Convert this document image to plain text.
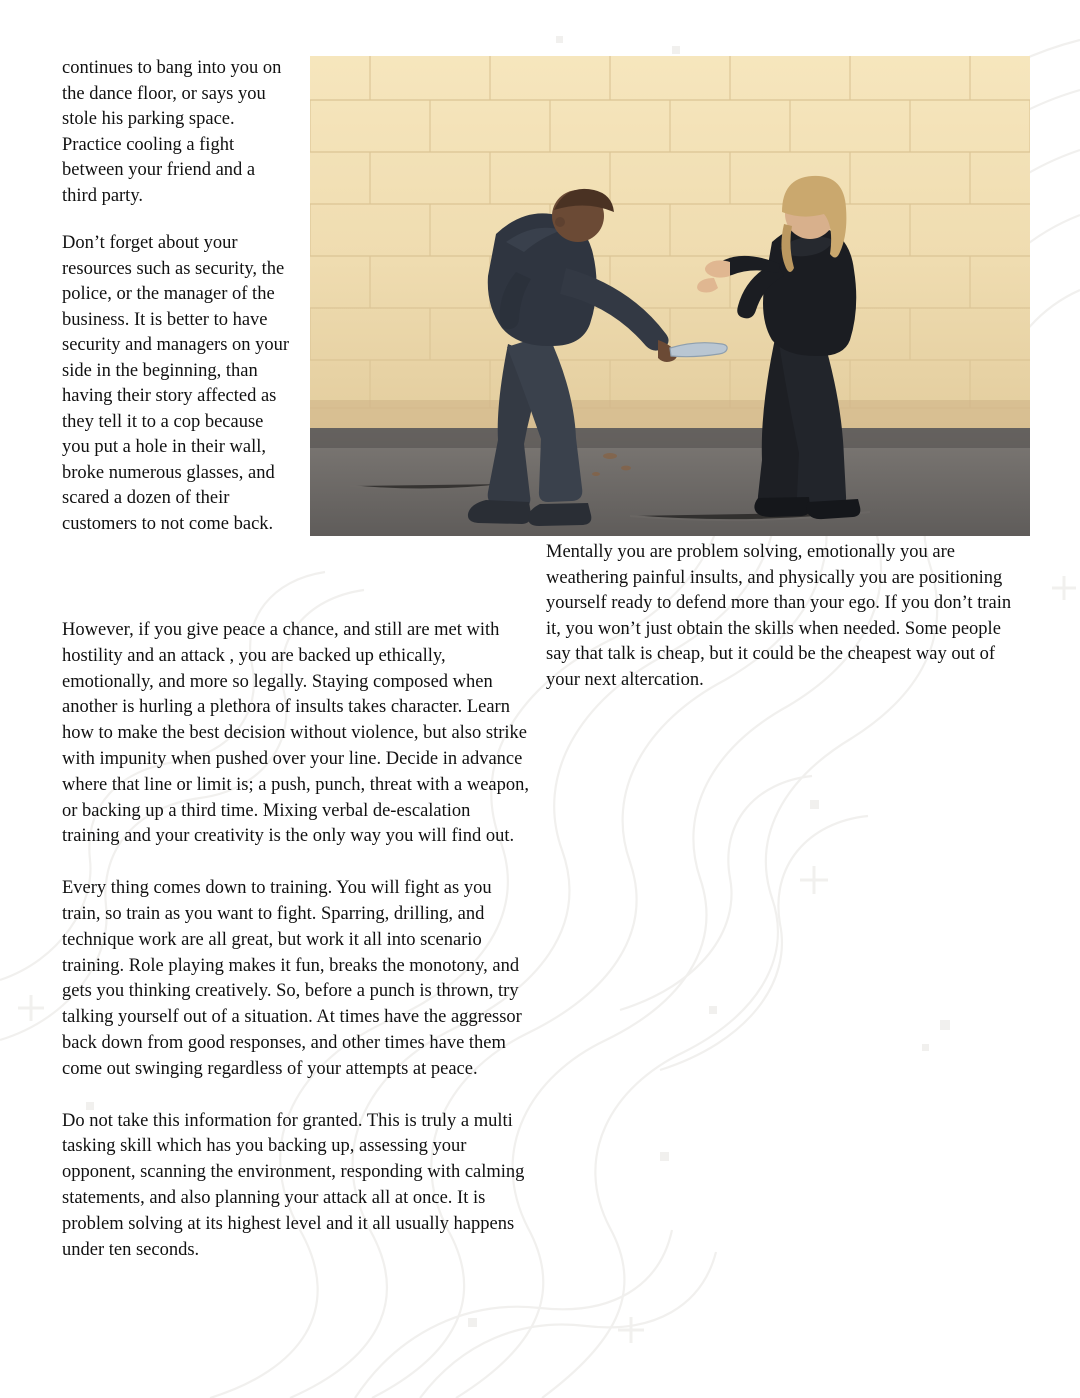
continues to bang into you on the dance floor, or says you stole his parking space. Practice cooling a fight between your friend and a third party.

Don’t forget about your resources such as security, the police, or the manager of the business. It is better to have security and managers on your side in the beginning, than having their story affected as they tell it to a cop because you put a hole in their wall, broke numerous glasses, and scared a dozen of their customers to not come back.

Mentally you are problem solving, emotionally you are weathering painful insults, and physically you are positioning yourself ready to defend more than your ego. If you don’t train it, you won’t just obtain the skills when needed. Some people say that talk is cheap, but it could be the cheapest way out of your next altercation.

However, if you give peace a chance, and still are met with hostility and an attack , you are backed up ethically, emotionally, and more so legally. Staying composed when another is hurling a plethora of insults takes character. Learn how to make the best decision without violence, but also strike with impunity when pushed over your line. Decide in advance where that line or limit is; a push, punch, threat with a weapon, or backing up a third time. Mixing verbal de-escalation training and your creativity is the only way you will find out.

Every thing comes down to training. You will fight as you train, so train as you want to fight. Sparring, drilling, and technique work are all great, but work it all into scenario training. Role playing makes it fun, breaks the monotony, and gets you thinking creatively. So, before a punch is thrown, try talking yourself out of a situation. At times have the aggressor back down from good responses, and other times have them come out swinging regardless of your attempts at peace.

Do not take this information for granted. This is truly a multi tasking skill which has you backing up, assessing your opponent, scanning the environment, responding with calming statements, and also planning your attack all at once. It is problem solving at its highest level and it all usually happens under ten seconds.
